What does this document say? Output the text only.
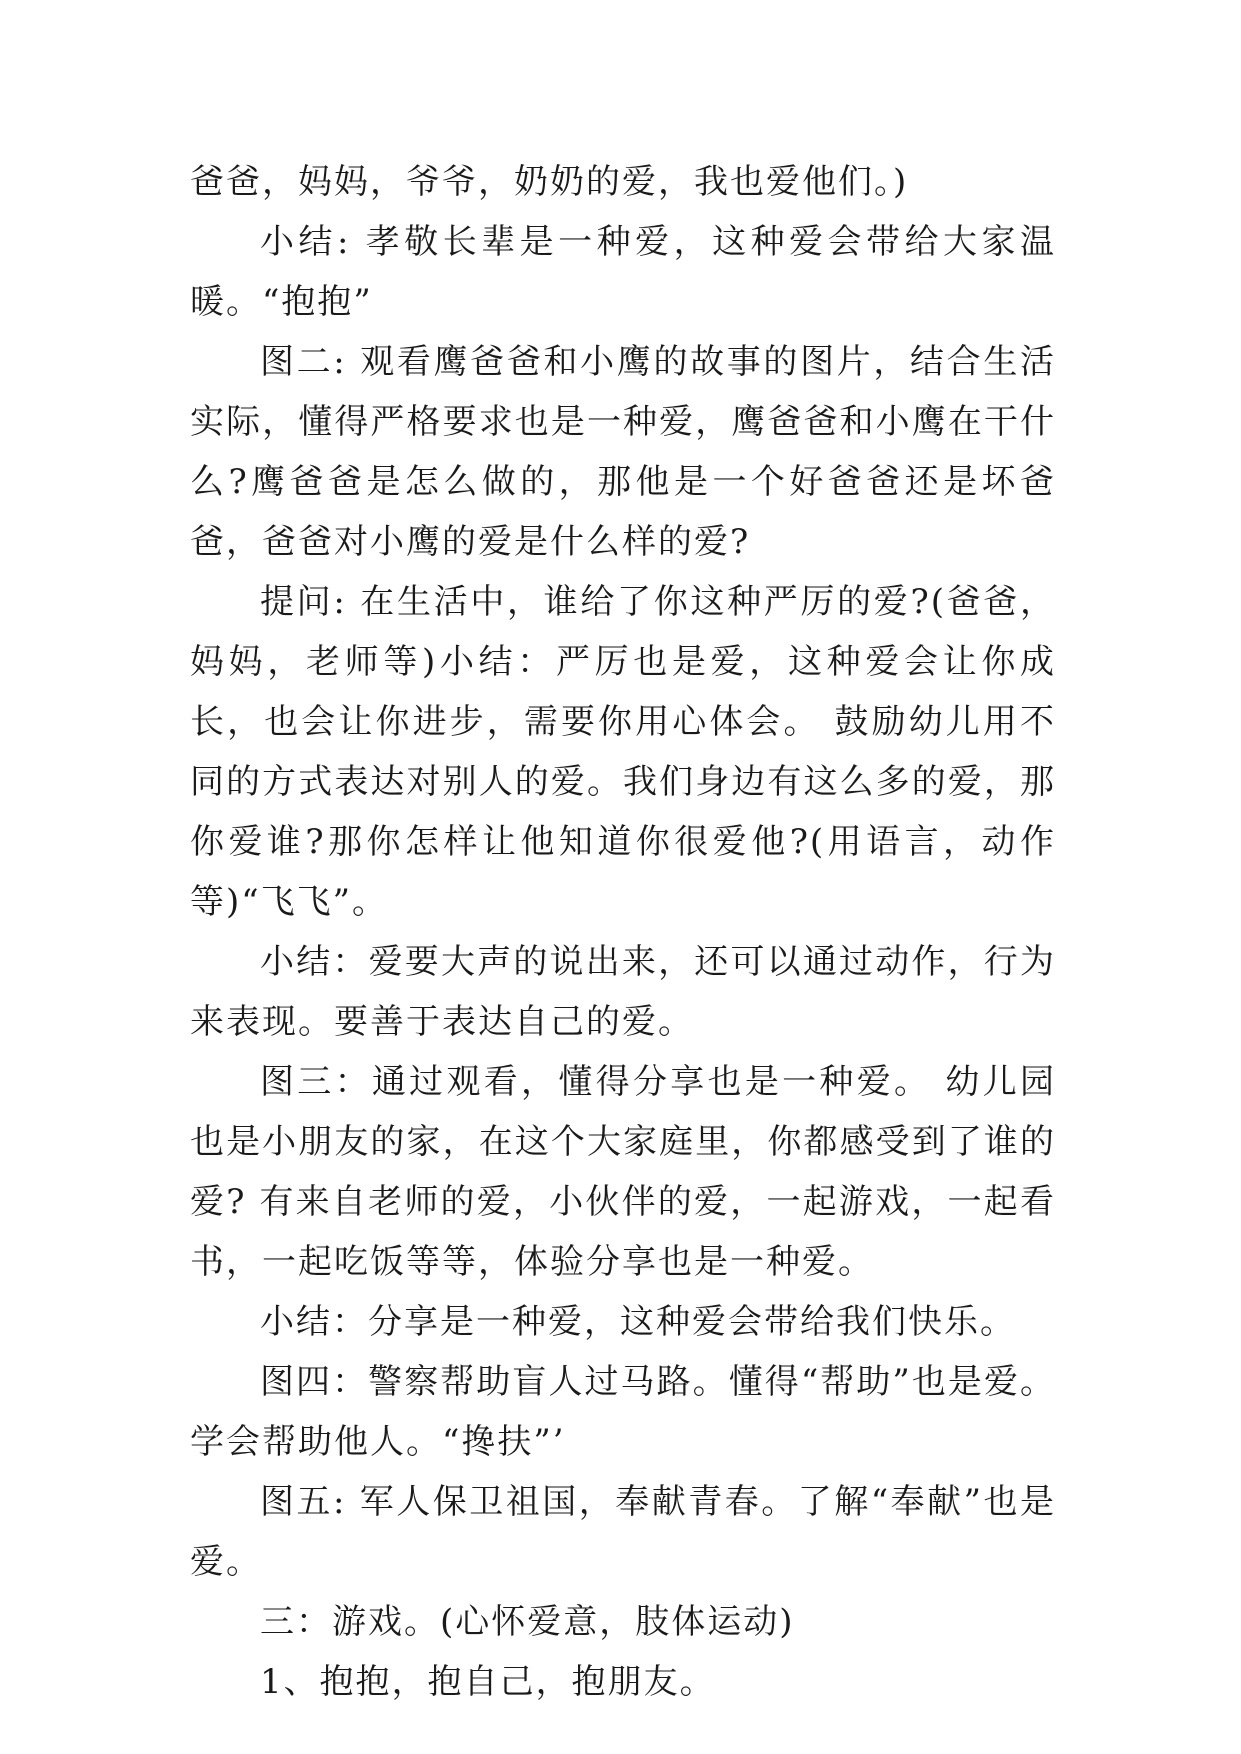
爸爸，妈妈，爷爷，奶奶的爱，我也爱他们。)

小结: 孝敬长辈是一种爱，这种爱会带给大家温暖。“抱抱”

图二: 观看鹰爸爸和小鹰的故事的图片，结合生活实际，懂得严格要求也是一种爱，鹰爸爸和小鹰在干什么?鹰爸爸是怎么做的，那他是一个好爸爸还是坏爸爸，爸爸对小鹰的爱是什么样的爱?

提问: 在生活中，谁给了你这种严厉的爱?(爸爸，妈妈，老师等)小结：严厉也是爱，这种爱会让你成长，也会让你进步，需要你用心体会。 鼓励幼儿用不同的方式表达对别人的爱。我们身边有这么多的爱，那你爱谁?那你怎样让他知道你很爱他?(用语言，动作等)“飞飞”。

小结：爱要大声的说出来，还可以通过动作，行为来表现。要善于表达自己的爱。

图三：通过观看，懂得分享也是一种爱。 幼儿园也是小朋友的家，在这个大家庭里，你都感受到了谁的爱? 有来自老师的爱，小伙伴的爱，一起游戏，一起看书，一起吃饭等等，体验分享也是一种爱。

小结：分享是一种爱，这种爱会带给我们快乐。

图四：警察帮助盲人过马路。懂得“帮助”也是爱。学会帮助他人。“搀扶”’

图五: 军人保卫祖国，奉献青春。了解“奉献”也是爱。

三：游戏。(心怀爱意，肢体运动)

1、抱抱，抱自己，抱朋友。
